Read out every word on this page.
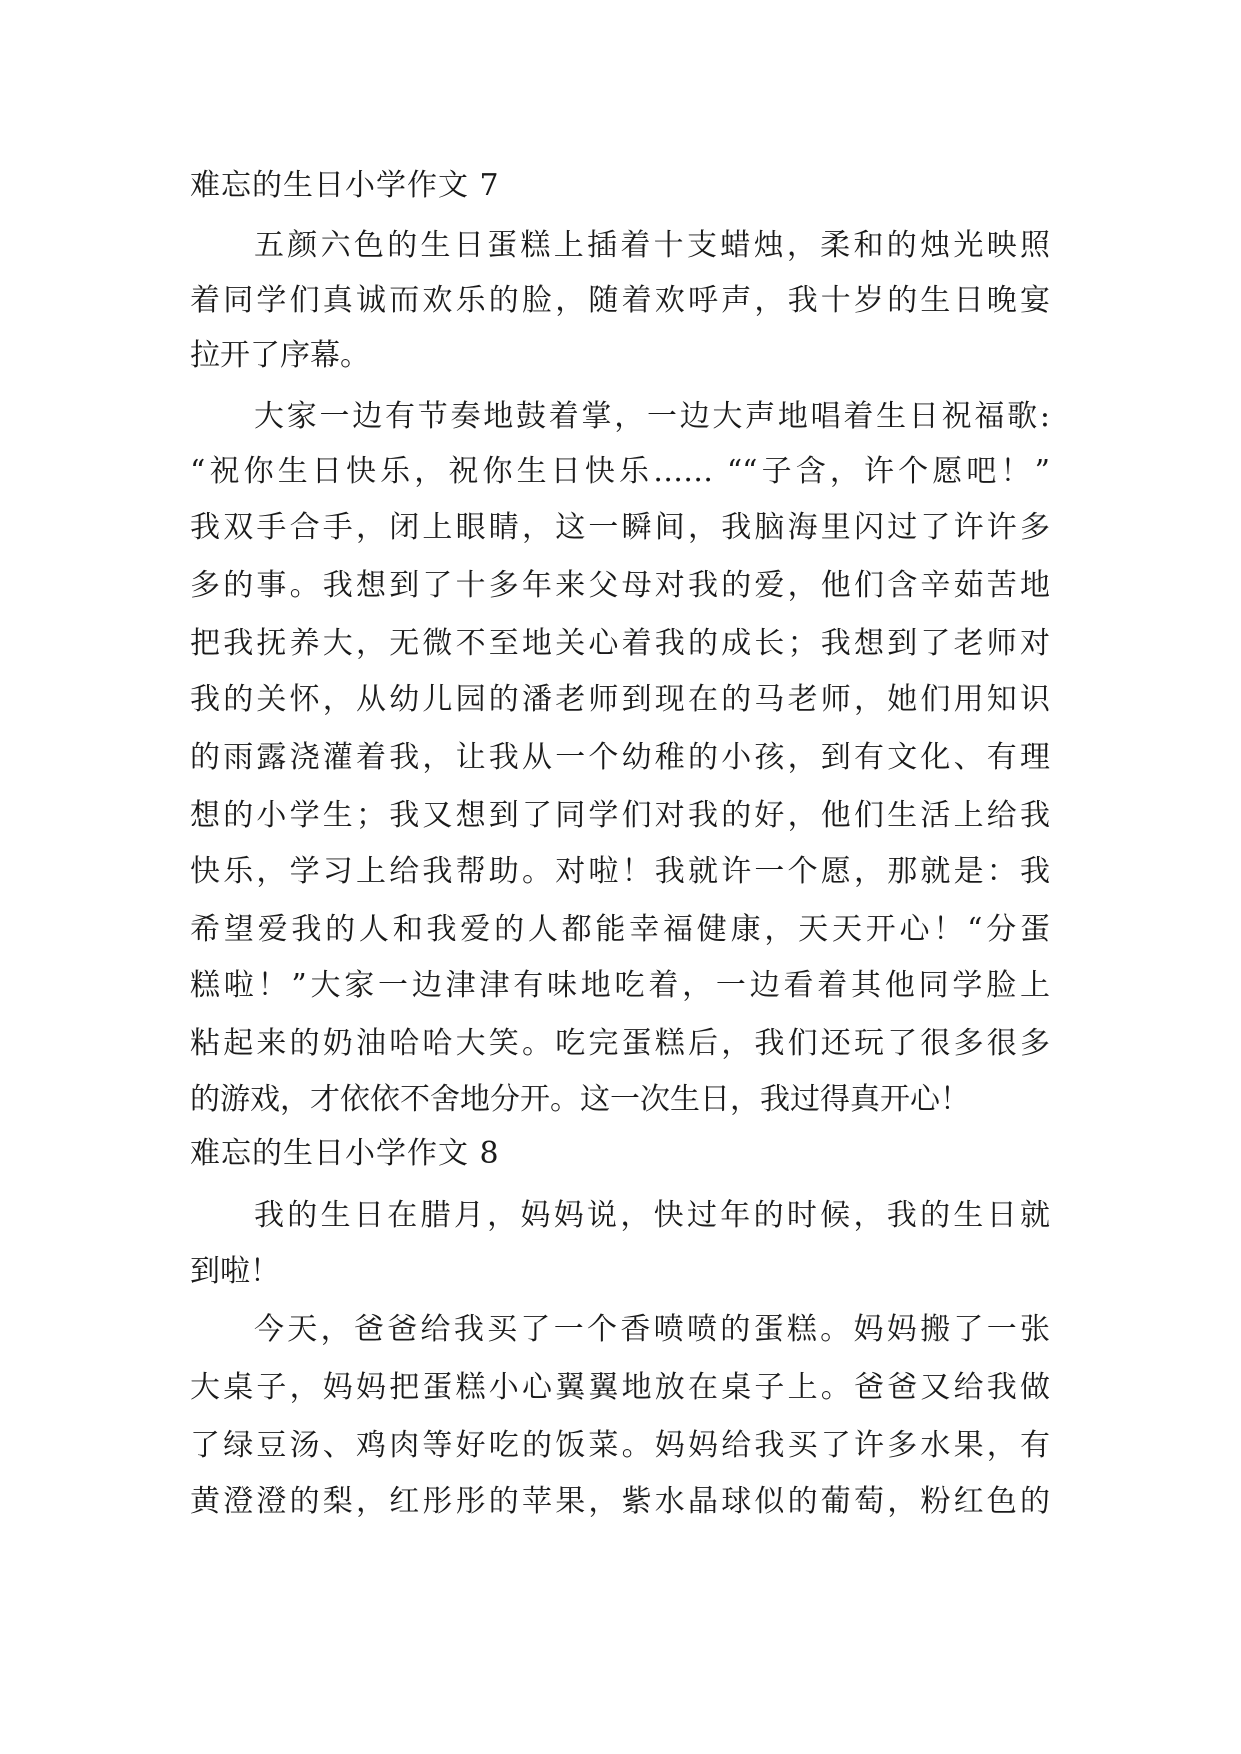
难忘的生日小学作文 7
五颜六色的生日蛋糕上插着十支蜡烛，柔和的烛光映照
着同学们真诚而欢乐的脸，随着欢呼声，我十岁的生日晚宴
拉开了序幕。
大家一边有节奏地鼓着掌，一边大声地唱着生日祝福歌:
“祝你生日快乐，祝你生日快乐…… ““子含，许个愿吧！”
我双手合手，闭上眼睛，这一瞬间，我脑海里闪过了许许多
多的事。我想到了十多年来父母对我的爱，他们含辛茹苦地
把我抚养大，无微不至地关心着我的成长；我想到了老师对
我的关怀，从幼儿园的潘老师到现在的马老师，她们用知识
的雨露浇灌着我，让我从一个幼稚的小孩，到有文化、有理
想的小学生；我又想到了同学们对我的好，他们生活上给我
快乐，学习上给我帮助。对啦！我就许一个愿，那就是：我
希望爱我的人和我爱的人都能幸福健康，天天开心！“分蛋
糕啦！”大家一边津津有味地吃着，一边看着其他同学脸上
粘起来的奶油哈哈大笑。吃完蛋糕后，我们还玩了很多很多
的游戏，才依依不舍地分开。这一次生日，我过得真开心！
难忘的生日小学作文 8
我的生日在腊月，妈妈说，快过年的时候，我的生日就
到啦！
今天，爸爸给我买了一个香喷喷的蛋糕。妈妈搬了一张
大桌子，妈妈把蛋糕小心翼翼地放在桌子上。爸爸又给我做
了绿豆汤、鸡肉等好吃的饭菜。妈妈给我买了许多水果，有
黄澄澄的梨，红彤彤的苹果，紫水晶球似的葡萄，粉红色的
